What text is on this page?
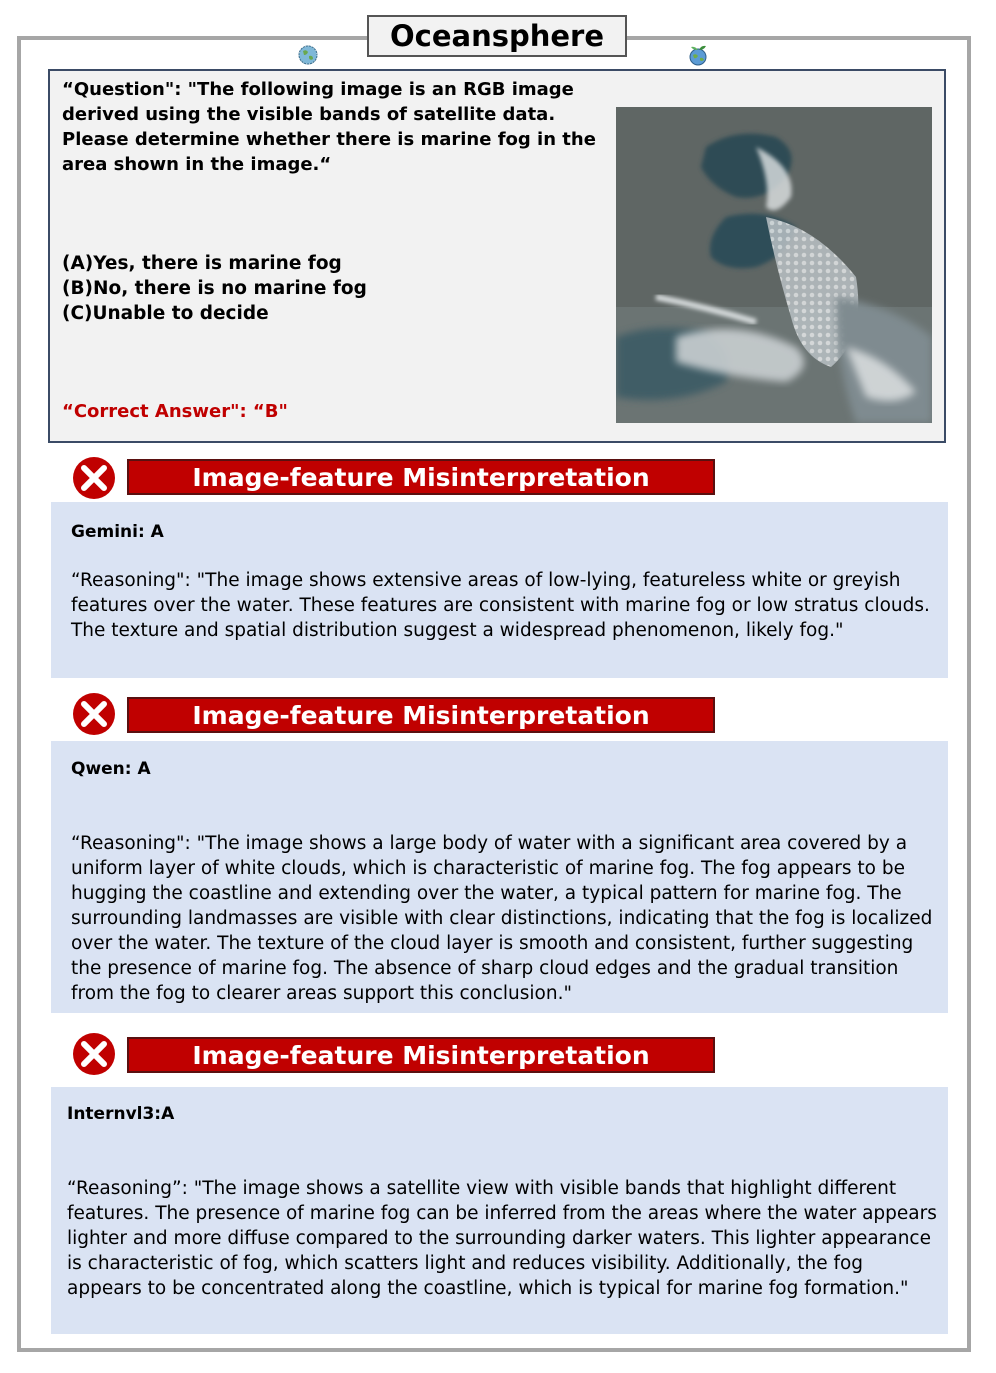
Oceansphere
“Question": "The following image is an RGB image derived using the visible bands of satellite data. Please determine whether there is marine fog in the area shown in the image.“
(A)Yes, there is marine fog
(B)No, there is no marine fog
(C)Unable to decide
“Correct Answer": “B"
Image-feature Misinterpretation
Gemini: A
“Reasoning": "The image shows extensive areas of low-lying, featureless white or greyish features over the water. These features are consistent with marine fog or low stratus clouds. The texture and spatial distribution suggest a widespread phenomenon, likely fog."
Image-feature Misinterpretation
Qwen: A
“Reasoning": "The image shows a large body of water with a significant area covered by a uniform layer of white clouds, which is characteristic of marine fog. The fog appears to be hugging the coastline and extending over the water, a typical pattern for marine fog. The surrounding landmasses are visible with clear distinctions, indicating that the fog is localized over the water. The texture of the cloud layer is smooth and consistent, further suggesting the presence of marine fog. The absence of sharp cloud edges and the gradual transition from the fog to clearer areas support this conclusion."
Image-feature Misinterpretation
Internvl3:A
“Reasoning”: "The image shows a satellite view with visible bands that highlight different features. The presence of marine fog can be inferred from the areas where the water appears lighter and more diffuse compared to the surrounding darker waters. This lighter appearance is characteristic of fog, which scatters light and reduces visibility. Additionally, the fog appears to be concentrated along the coastline, which is typical for marine fog formation."
